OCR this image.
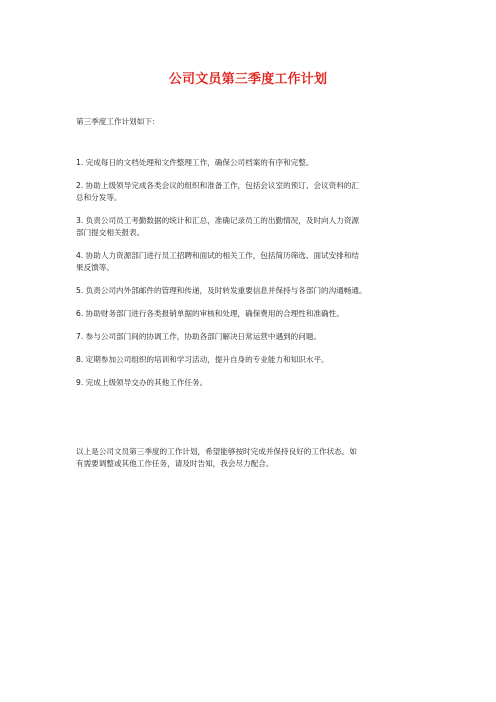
公司文员第三季度工作计划
第三季度工作计划如下：
1. 完成每日的文档处理和文件整理工作，确保公司档案的有序和完整。
2. 协助上级领导完成各类会议的组织和准备工作，包括会议室的预订、会议资料的汇
总和分发等。
3. 负责公司员工考勤数据的统计和汇总，准确记录员工的出勤情况，及时向人力资源
部门提交相关报表。
4. 协助人力资源部门进行员工招聘和面试的相关工作，包括简历筛选、面试安排和结
果反馈等。
5. 负责公司内外部邮件的管理和传递，及时转发重要信息并保持与各部门的沟通畅通。
6. 协助财务部门进行各类报销单据的审核和处理，确保费用的合理性和准确性。
7. 参与公司部门间的协调工作，协助各部门解决日常运营中遇到的问题。
8. 定期参加公司组织的培训和学习活动，提升自身的专业能力和知识水平。
9. 完成上级领导交办的其他工作任务。
以上是公司文员第三季度的工作计划，希望能够按时完成并保持良好的工作状态。如
有需要调整或其他工作任务，请及时告知，我会尽力配合。
